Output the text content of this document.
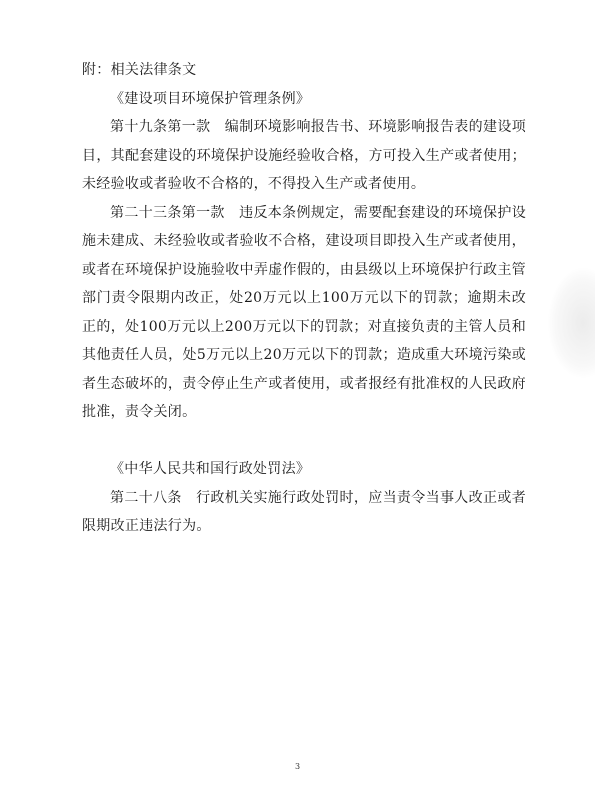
附：相关法律条文

《建设项目环境保护管理条例》

第十九条第一款　编制环境影响报告书、环境影响报告表的建设项目，其配套建设的环境保护设施经验收合格，方可投入生产或者使用；未经验收或者验收不合格的，不得投入生产或者使用。

第二十三条第一款　违反本条例规定，需要配套建设的环境保护设施未建成、未经验收或者验收不合格，建设项目即投入生产或者使用，或者在环境保护设施验收中弄虚作假的，由县级以上环境保护行政主管部门责令限期内改正，处20万元以上100万元以下的罚款；逾期未改正的，处100万元以上200万元以下的罚款；对直接负责的主管人员和其他责任人员，处5万元以上20万元以下的罚款；造成重大环境污染或者生态破坏的，责令停止生产或者使用，或者报经有批准权的人民政府批准，责令关闭。

《中华人民共和国行政处罚法》

第二十八条　行政机关实施行政处罚时，应当责令当事人改正或者限期改正违法行为。

3
